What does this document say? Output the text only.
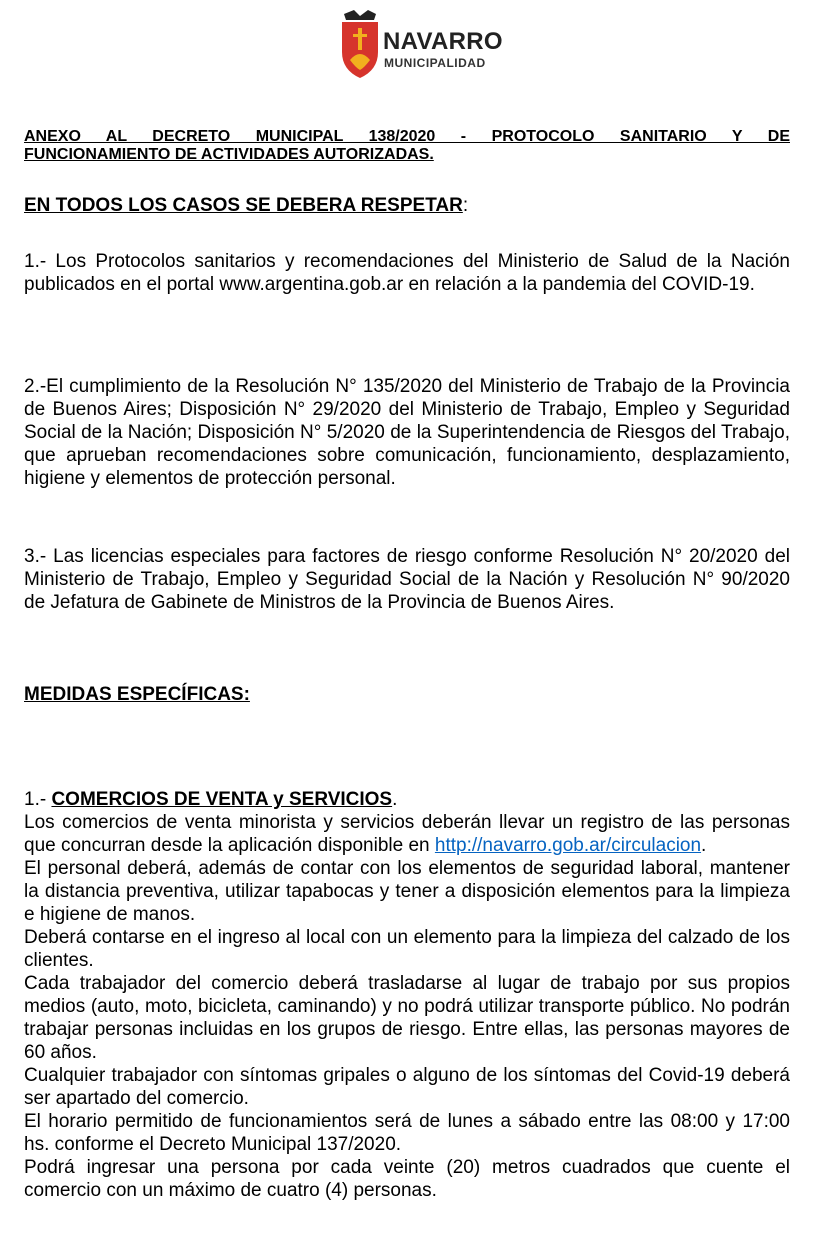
NAVARRO
MUNICIPALIDAD
ANEXO AL DECRETO MUNICIPAL 138/2020 - PROTOCOLO SANITARIO Y DE
FUNCIONAMIENTO DE ACTIVIDADES AUTORIZADAS.
EN TODOS LOS CASOS SE DEBERA RESPETAR:

1.- Los Protocolos sanitarios y recomendaciones del Ministerio de Salud de la Nación publicados en el portal www.argentina.gob.ar en relación a la pandemia del COVID-19.

2.-El cumplimiento de la Resolución N° 135/2020 del Ministerio de Trabajo de la Provincia de Buenos Aires; Disposición N° 29/2020 del Ministerio de Trabajo, Empleo y Seguridad Social de la Nación; Disposición N° 5/2020 de la Superintendencia de Riesgos del Trabajo, que aprueban recomendaciones sobre comunicación, funcionamiento, desplazamiento, higiene y elementos de protección personal.

3.- Las licencias especiales para factores de riesgo conforme Resolución N° 20/2020 del Ministerio de Trabajo, Empleo y Seguridad Social de la Nación y Resolución N° 90/2020 de Jefatura de Gabinete de Ministros de la Provincia de Buenos Aires.

MEDIDAS ESPECÍFICAS:
1.- COMERCIOS DE VENTA y SERVICIOS.

Los comercios de venta minorista y servicios deberán llevar un registro de las personas que concurran desde la aplicación disponible en http://navarro.gob.ar/circulacion.

El personal deberá, además de contar con los elementos de seguridad laboral, mantener la distancia preventiva, utilizar tapabocas y tener a disposición elementos para la limpieza e higiene de manos.

Deberá contarse en el ingreso al local con un elemento para la limpieza del calzado de los clientes.

Cada trabajador del comercio deberá trasladarse al lugar de trabajo por sus propios medios (auto, moto, bicicleta, caminando) y no podrá utilizar transporte público. No podrán trabajar personas incluidas en los grupos de riesgo. Entre ellas, las personas mayores de 60 años.

Cualquier trabajador con síntomas gripales o alguno de los síntomas del Covid-19 deberá ser apartado del comercio.

El horario permitido de funcionamientos será de lunes a sábado entre las 08:00 y 17:00 hs. conforme el Decreto Municipal 137/2020.

Podrá ingresar una persona por cada veinte (20) metros cuadrados que cuente el comercio con un máximo de cuatro (4) personas.
